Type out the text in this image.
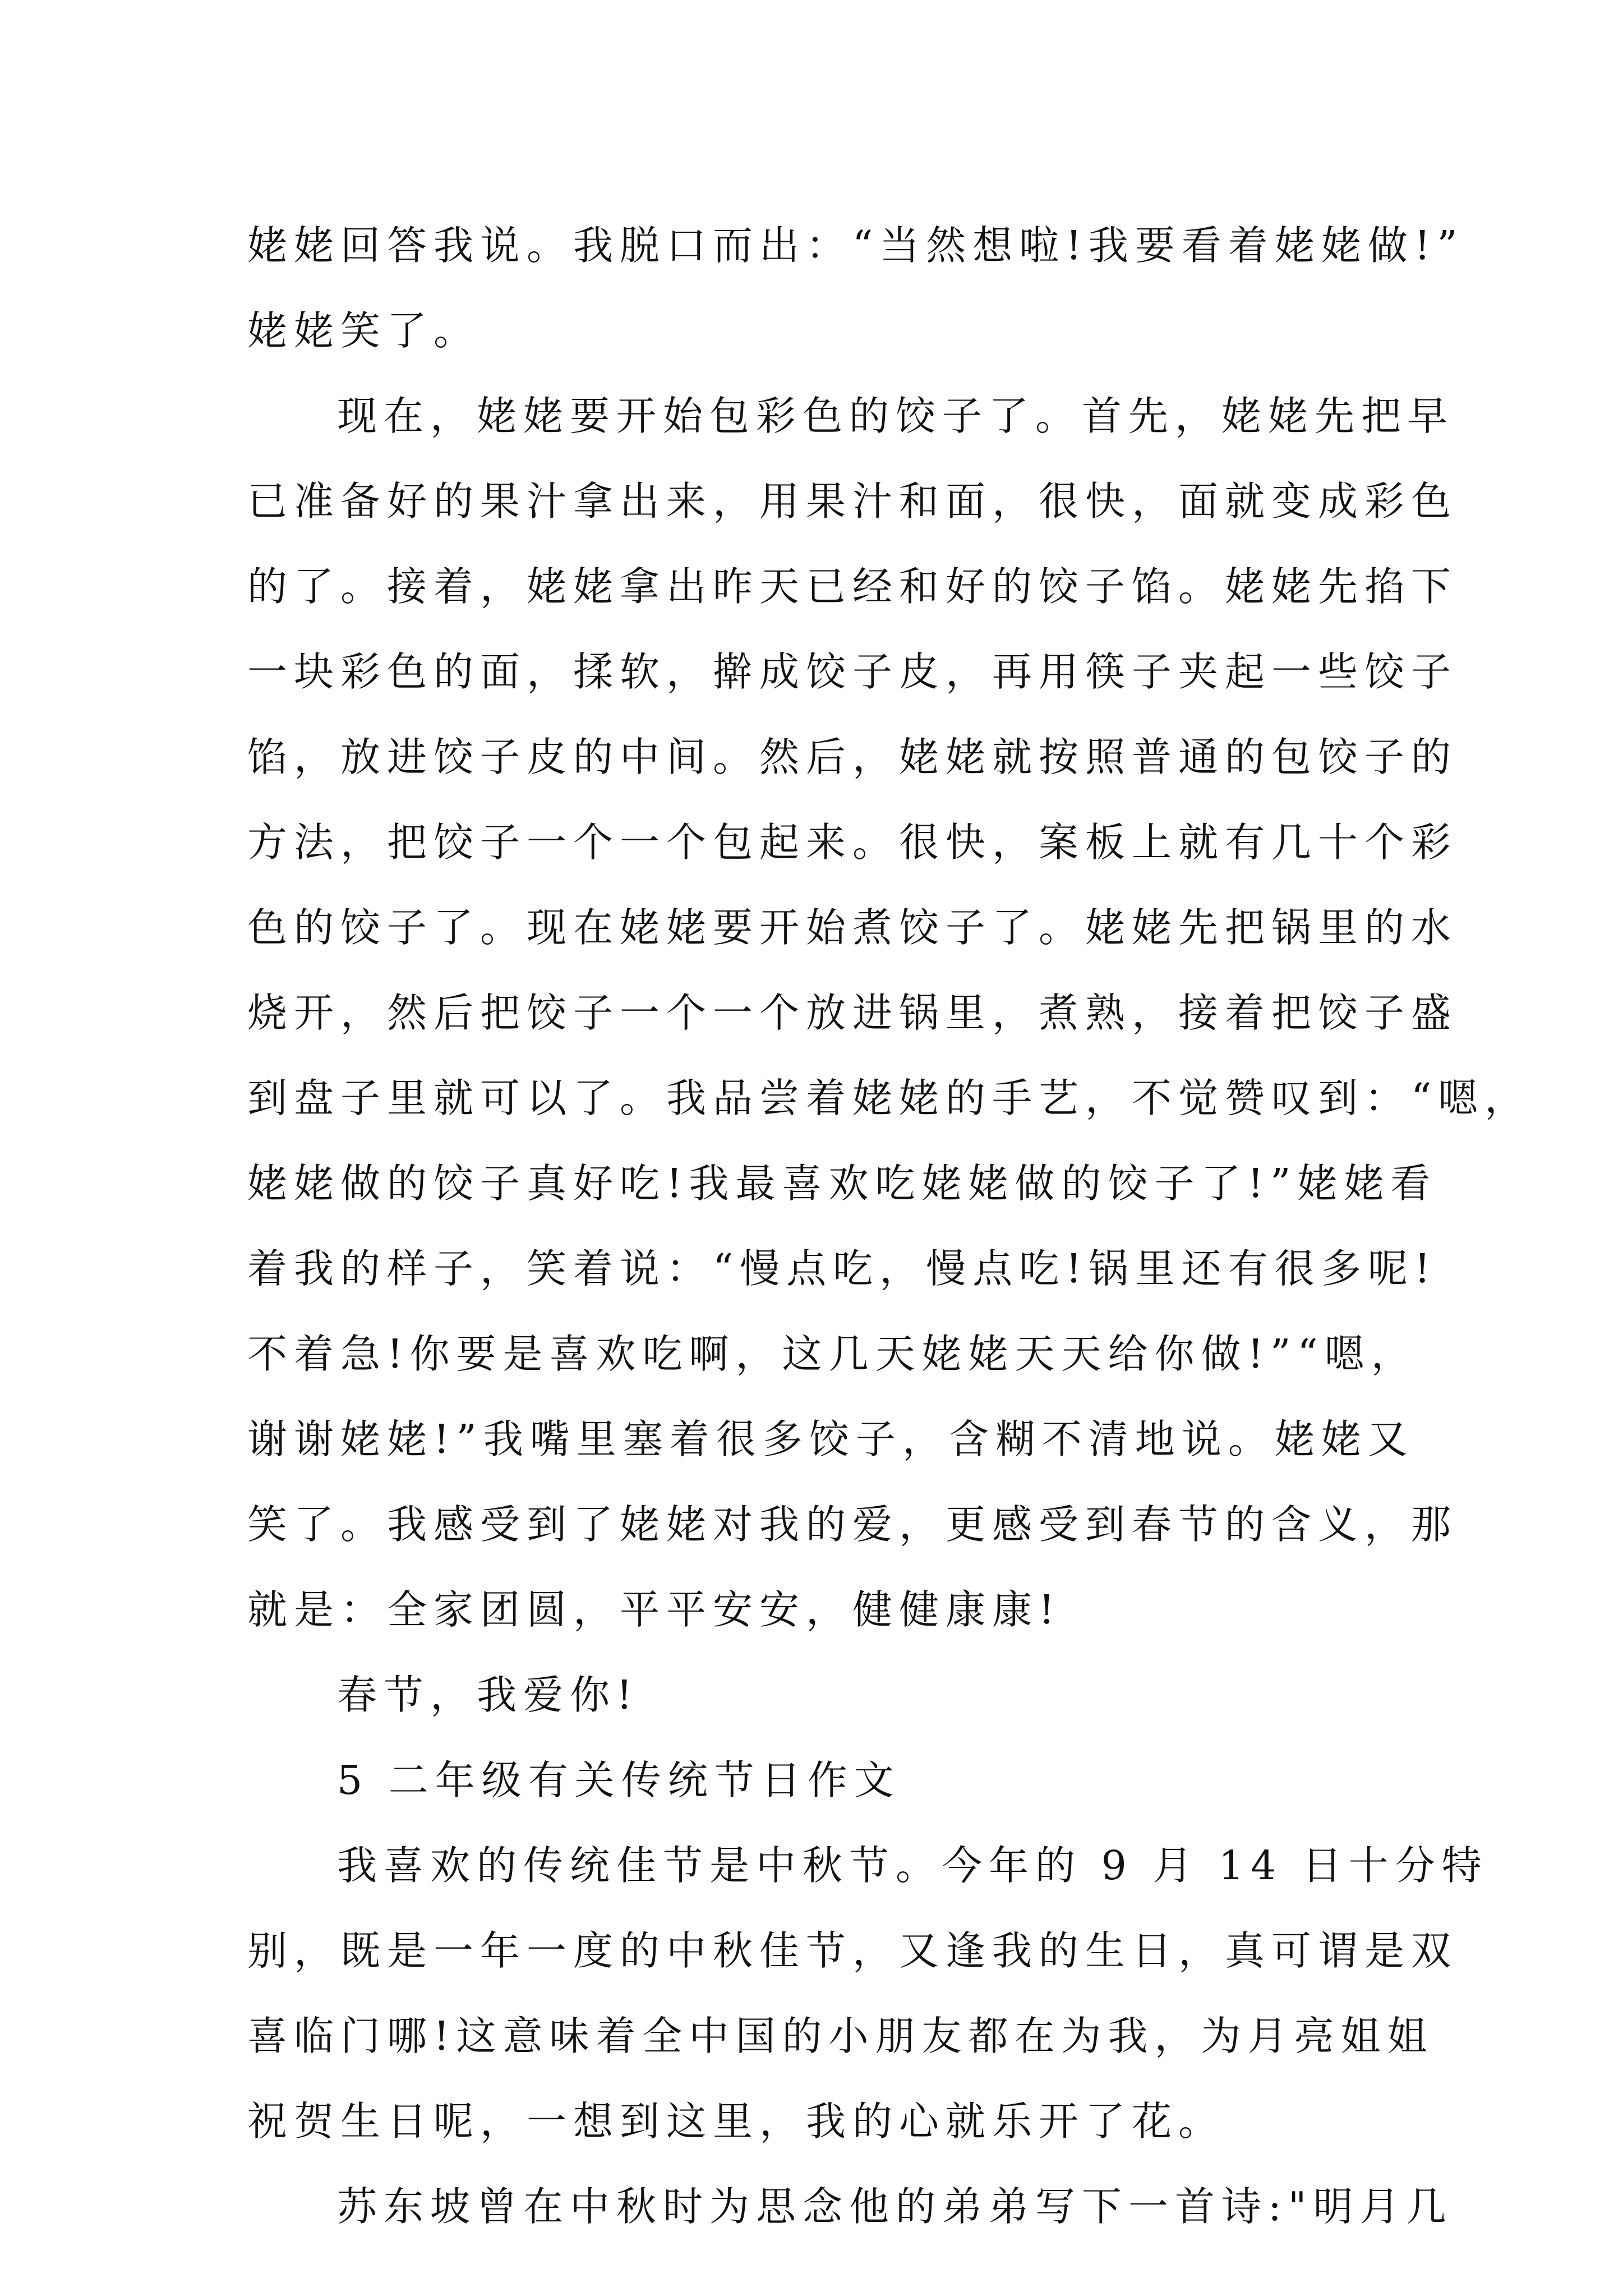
姥姥回答我说。我脱口而出：“当然想啦!我要看着姥姥做!”
姥姥笑了。
现在，姥姥要开始包彩色的饺子了。首先，姥姥先把早
已准备好的果汁拿出来，用果汁和面，很快，面就变成彩色
的了。接着，姥姥拿出昨天已经和好的饺子馅。姥姥先掐下
一块彩色的面，揉软，擀成饺子皮，再用筷子夹起一些饺子
馅，放进饺子皮的中间。然后，姥姥就按照普通的包饺子的
方法，把饺子一个一个包起来。很快，案板上就有几十个彩
色的饺子了。现在姥姥要开始煮饺子了。姥姥先把锅里的水
烧开，然后把饺子一个一个放进锅里，煮熟，接着把饺子盛
到盘子里就可以了。我品尝着姥姥的手艺，不觉赞叹到：“嗯，
姥姥做的饺子真好吃!我最喜欢吃姥姥做的饺子了!”姥姥看
着我的样子，笑着说：“慢点吃，慢点吃!锅里还有很多呢!
不着急!你要是喜欢吃啊，这几天姥姥天天给你做!”“嗯，
谢谢姥姥!”我嘴里塞着很多饺子，含糊不清地说。姥姥又
笑了。我感受到了姥姥对我的爱，更感受到春节的含义，那
就是：全家团圆，平平安安，健健康康!
春节，我爱你!
5 二年级有关传统节日作文
我喜欢的传统佳节是中秋节。今年的 9 月 14 日十分特
别，既是一年一度的中秋佳节，又逢我的生日，真可谓是双
喜临门哪!这意味着全中国的小朋友都在为我，为月亮姐姐
祝贺生日呢，一想到这里，我的心就乐开了花。
苏东坡曾在中秋时为思念他的弟弟写下一首诗:"明月几
